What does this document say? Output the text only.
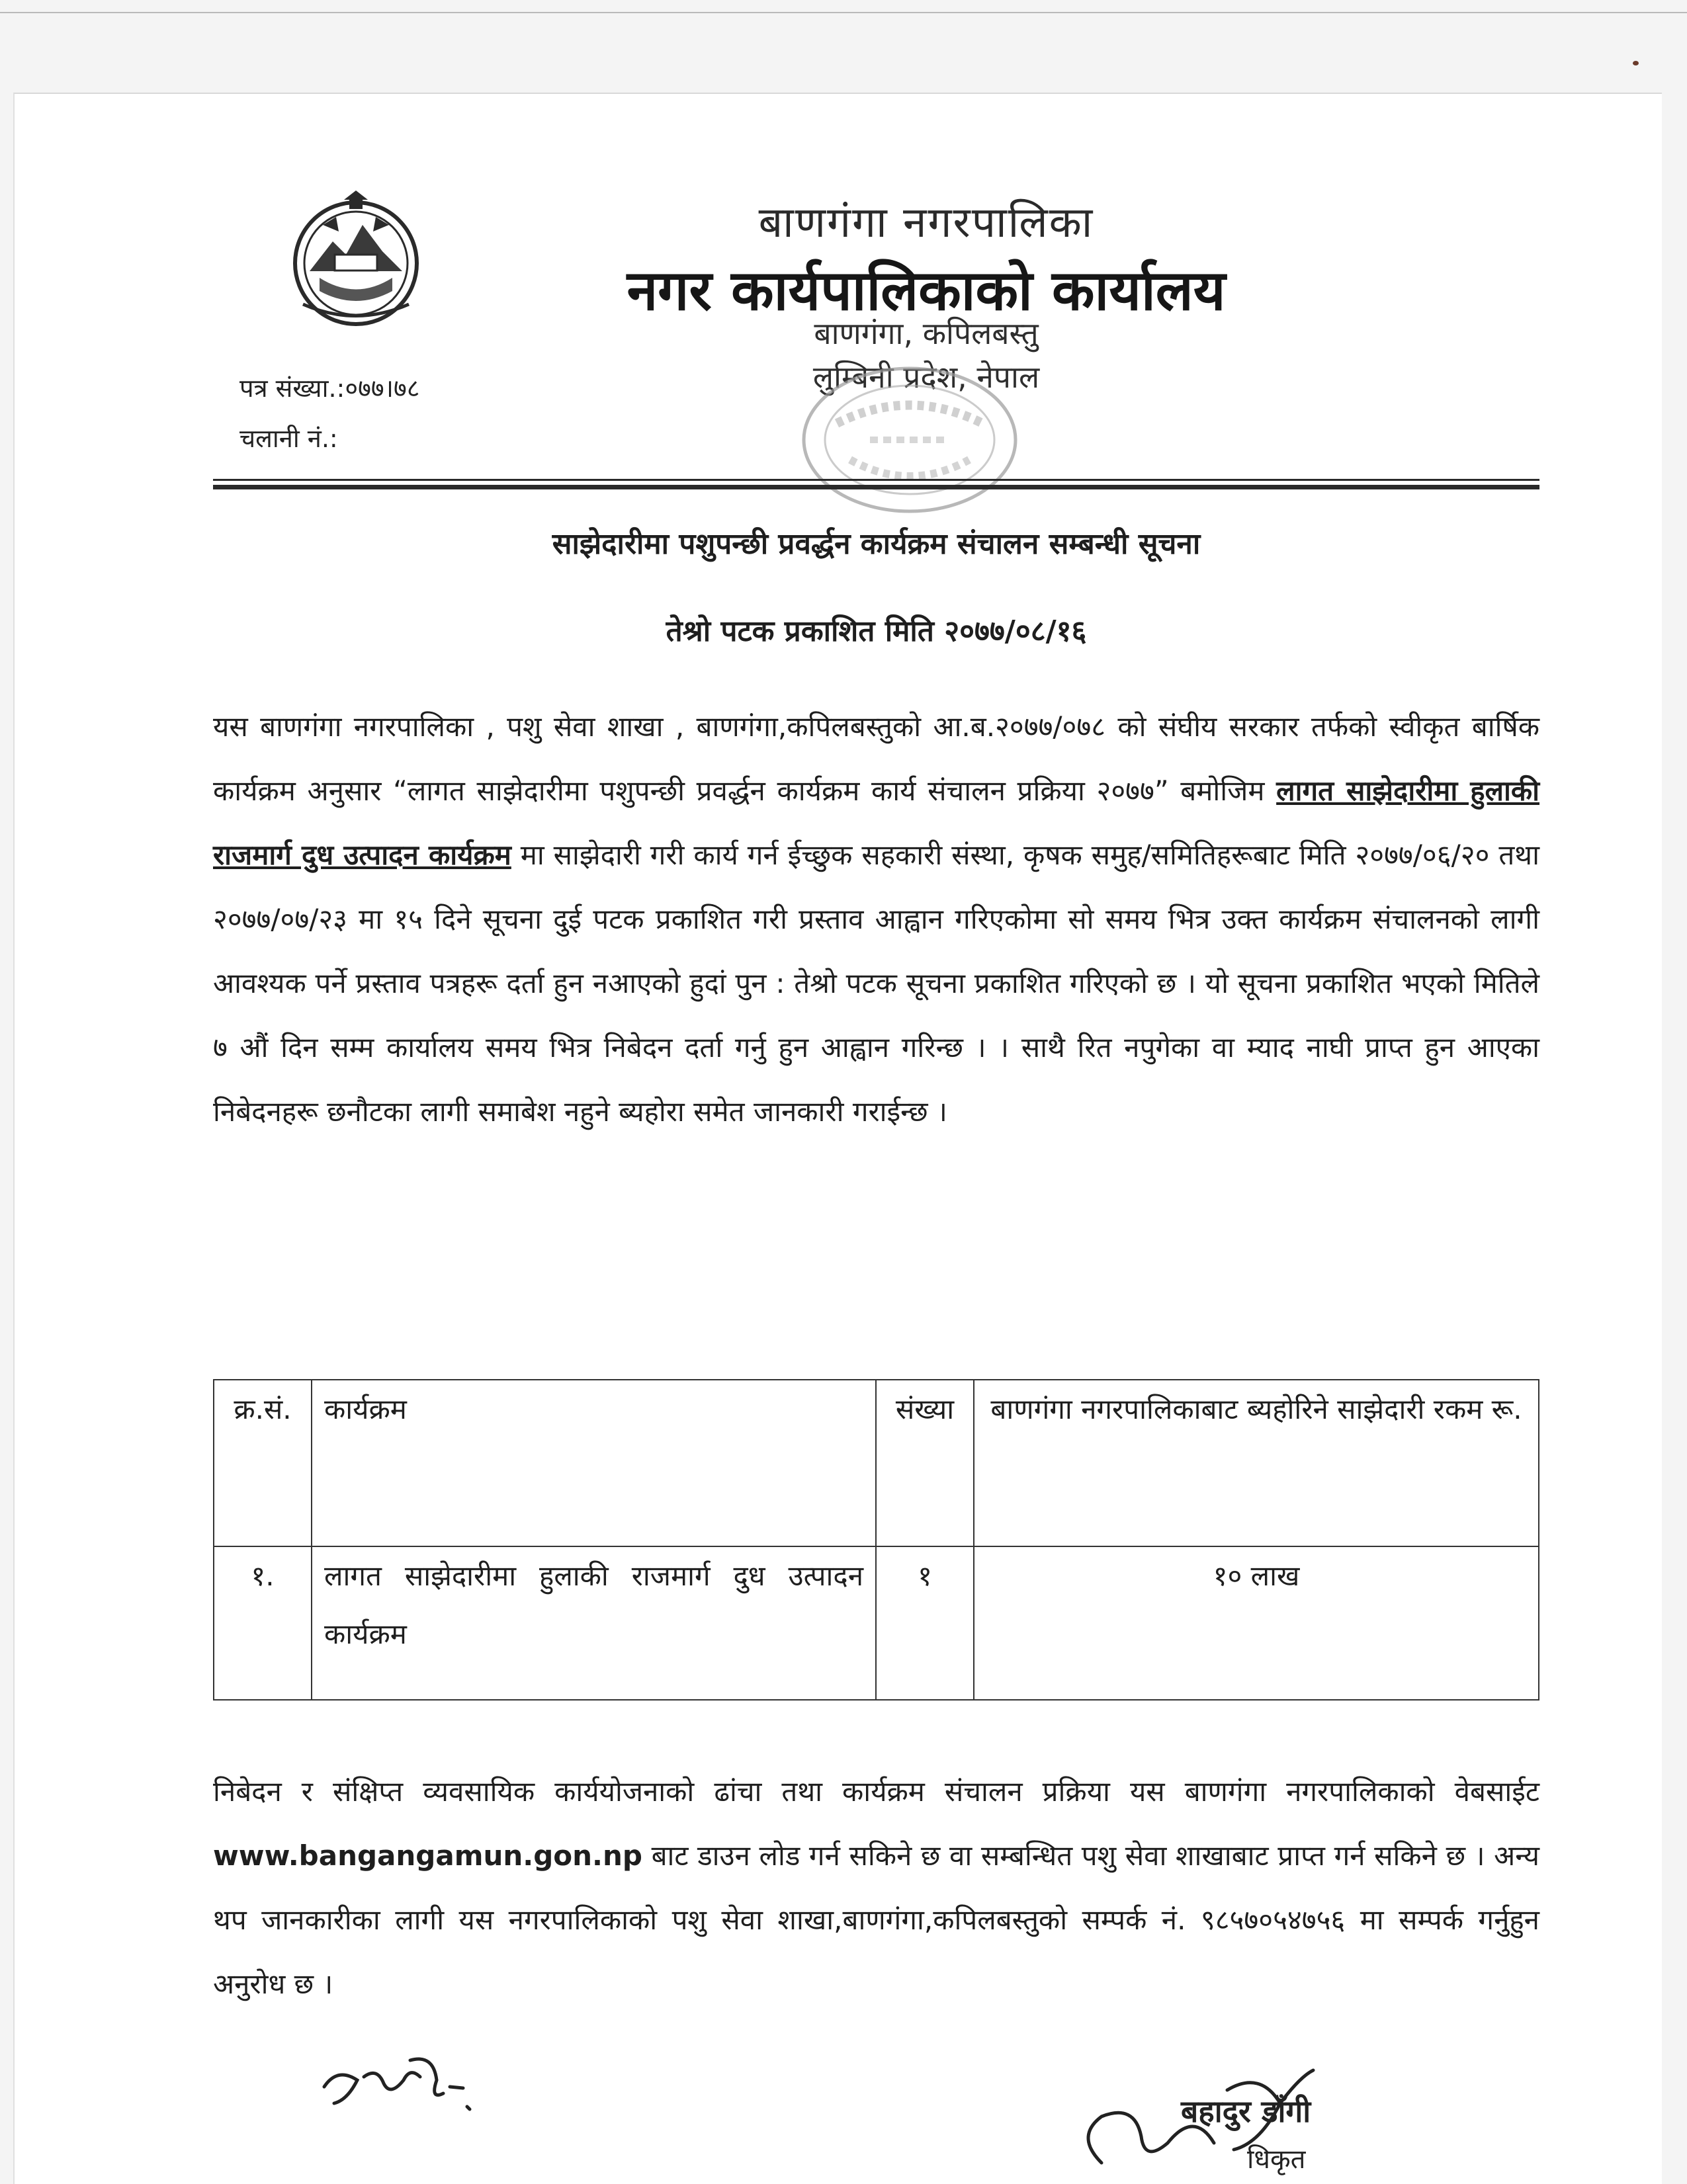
बाणगंगा नगरपालिका
नगर कार्यपालिकाको कार्यालय
बाणगंगा, कपिलबस्तु
लुम्बिनी प्रदेश, नेपाल
पत्र संख्या.:०७७।७८
चलानी नं.:
साझेदारीमा पशुपन्छी प्रवर्द्धन कार्यक्रम संचालन सम्बन्धी सूचना
तेश्रो पटक प्रकाशित मिति २०७७/०८/१६
यस बाणगंगा नगरपालिका , पशु सेवा शाखा , बाणगंगा,कपिलबस्तुको आ.ब.२०७७/०७८ को संघीय सरकार तर्फको स्वीकृत बार्षिक कार्यक्रम अनुसार “लागत साझेदारीमा पशुपन्छी प्रवर्द्धन कार्यक्रम कार्य संचालन प्रक्रिया २०७७” बमोजिम लागत साझेदारीमा हुलाकी राजमार्ग दुध उत्पादन कार्यक्रम मा साझेदारी गरी कार्य गर्न ईच्छुक सहकारी संस्था, कृषक समुह/समितिहरूबाट मिति २०७७/०६/२० तथा २०७७/०७/२३ मा १५ दिने सूचना दुई पटक प्रकाशित गरी प्रस्ताव आह्वान गरिएकोमा सो समय भित्र उक्त कार्यक्रम संचालनको लागी आवश्यक पर्ने प्रस्ताव पत्रहरू दर्ता हुन नआएको हुदां पुन : तेश्रो पटक सूचना प्रकाशित गरिएको छ । यो सूचना प्रकाशित भएको मितिले ७ औं दिन सम्म कार्यालय समय भित्र निबेदन दर्ता गर्नु हुन आह्वान गरिन्छ । । साथै रित नपुगेका वा म्याद नाघी प्राप्त हुन आएका निबेदनहरू छनौटका लागी समाबेश नहुने ब्यहोरा समेत जानकारी गराईन्छ ।
क्र.सं.	कार्यक्रम	संख्या	बाणगंगा नगरपालिकाबाट ब्यहोरिने साझेदारी रकम रू.
१.	लागत साझेदारीमा हुलाकी राजमार्ग दुध उत्पादन कार्यक्रम	१	१० लाख
निबेदन र संक्षिप्त व्यवसायिक कार्ययोजनाको ढांचा तथा कार्यक्रम संचालन प्रक्रिया यस बाणगंगा नगरपालिकाको वेबसाईट www.bangangamun.gon.np बाट डाउन लोड गर्न सकिने छ वा सम्बन्धित पशु सेवा शाखाबाट प्राप्त गर्न सकिने छ । अन्य थप जानकारीका लागी यस नगरपालिकाको पशु सेवा शाखा,बाणगंगा,कपिलबस्तुको सम्पर्क नं. ९८५७०५४७५६ मा सम्पर्क गर्नुहुन अनुरोध छ ।
बहादुर डाँगी
धिकृत
